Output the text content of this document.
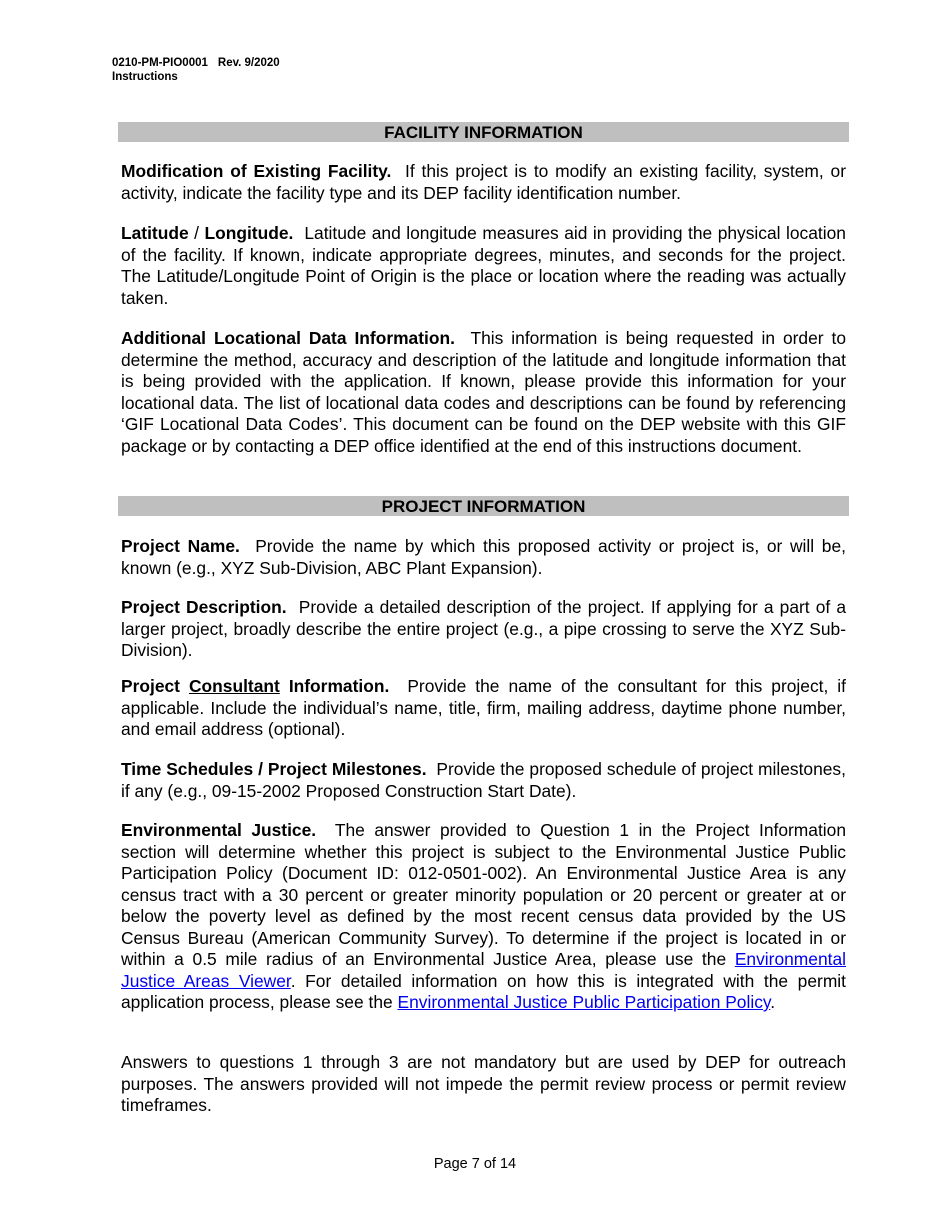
0210-PM-PIO0001 Rev. 9/2020
Instructions
FACILITY INFORMATION

Modification of Existing Facility. If this project is to modify an existing facility, system, or activity, indicate the facility type and its DEP facility identification number.

Latitude / Longitude. Latitude and longitude measures aid in providing the physical location of the facility. If known, indicate appropriate degrees, minutes, and seconds for the project. The Latitude/Longitude Point of Origin is the place or location where the reading was actually taken.

Additional Locational Data Information. This information is being requested in order to determine the method, accuracy and description of the latitude and longitude information that is being provided with the application. If known, please provide this information for your locational data. The list of locational data codes and descriptions can be found by referencing ‘GIF Locational Data Codes’. This document can be found on the DEP website with this GIF package or by contacting a DEP office identified at the end of this instructions document.

PROJECT INFORMATION

Project Name. Provide the name by which this proposed activity or project is, or will be, known (e.g., XYZ Sub-Division, ABC Plant Expansion).

Project Description. Provide a detailed description of the project. If applying for a part of a larger project, broadly describe the entire project (e.g., a pipe crossing to serve the XYZ Sub-Division).

Project Consultant Information. Provide the name of the consultant for this project, if applicable. Include the individual’s name, title, firm, mailing address, daytime phone number, and email address (optional).

Time Schedules / Project Milestones. Provide the proposed schedule of project milestones, if any (e.g., 09-15-2002 Proposed Construction Start Date).

Environmental Justice. The answer provided to Question 1 in the Project Information section will determine whether this project is subject to the Environmental Justice Public Participation Policy (Document ID: 012-0501-002). An Environmental Justice Area is any census tract with a 30 percent or greater minority population or 20 percent or greater at or below the poverty level as defined by the most recent census data provided by the US Census Bureau (American Community Survey). To determine if the project is located in or within a 0.5 mile radius of an Environmental Justice Area, please use the Environmental Justice Areas Viewer. For detailed information on how this is integrated with the permit application process, please see the Environmental Justice Public Participation Policy.

Answers to questions 1 through 3 are not mandatory but are used by DEP for outreach purposes. The answers provided will not impede the permit review process or permit review timeframes.

Page 7 of 14
